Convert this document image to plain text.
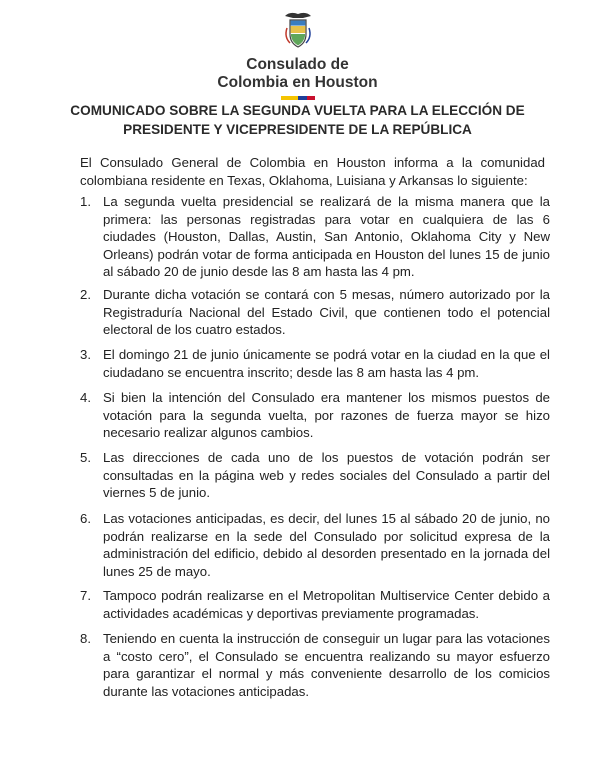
Consulado de
Colombia en Houston
COMUNICADO SOBRE LA SEGUNDA VUELTA PARA LA ELECCIÓN DE
PRESIDENTE Y VICEPRESIDENTE DE LA REPÚBLICA
El Consulado General de Colombia en Houston informa a la comunidad colombiana residente en Texas, Oklahoma, Luisiana y Arkansas lo siguiente:
1. La segunda vuelta presidencial se realizará de la misma manera que la primera: las personas registradas para votar en cualquiera de las 6 ciudades (Houston, Dallas, Austin, San Antonio, Oklahoma City y New Orleans) podrán votar de forma anticipada en Houston del lunes 15 de junio al sábado 20 de junio desde las 8 am hasta las 4 pm.
2. Durante dicha votación se contará con 5 mesas, número autorizado por la Registraduría Nacional del Estado Civil, que contienen todo el potencial electoral de los cuatro estados.
3. El domingo 21 de junio únicamente se podrá votar en la ciudad en la que el ciudadano se encuentra inscrito; desde las 8 am hasta las 4 pm.
4. Si bien la intención del Consulado era mantener los mismos puestos de votación para la segunda vuelta, por razones de fuerza mayor se hizo necesario realizar algunos cambios.
5. Las direcciones de cada uno de los puestos de votación podrán ser consultadas en la página web y redes sociales del Consulado a partir del viernes 5 de junio.
6. Las votaciones anticipadas, es decir, del lunes 15 al sábado 20 de junio, no podrán realizarse en la sede del Consulado por solicitud expresa de la administración del edificio, debido al desorden presentado en la jornada del lunes 25 de mayo.
7. Tampoco podrán realizarse en el Metropolitan Multiservice Center debido a actividades académicas y deportivas previamente programadas.
8. Teniendo en cuenta la instrucción de conseguir un lugar para las votaciones a “costo cero”, el Consulado se encuentra realizando su mayor esfuerzo para garantizar el normal y más conveniente desarrollo de los comicios durante las votaciones anticipadas.
